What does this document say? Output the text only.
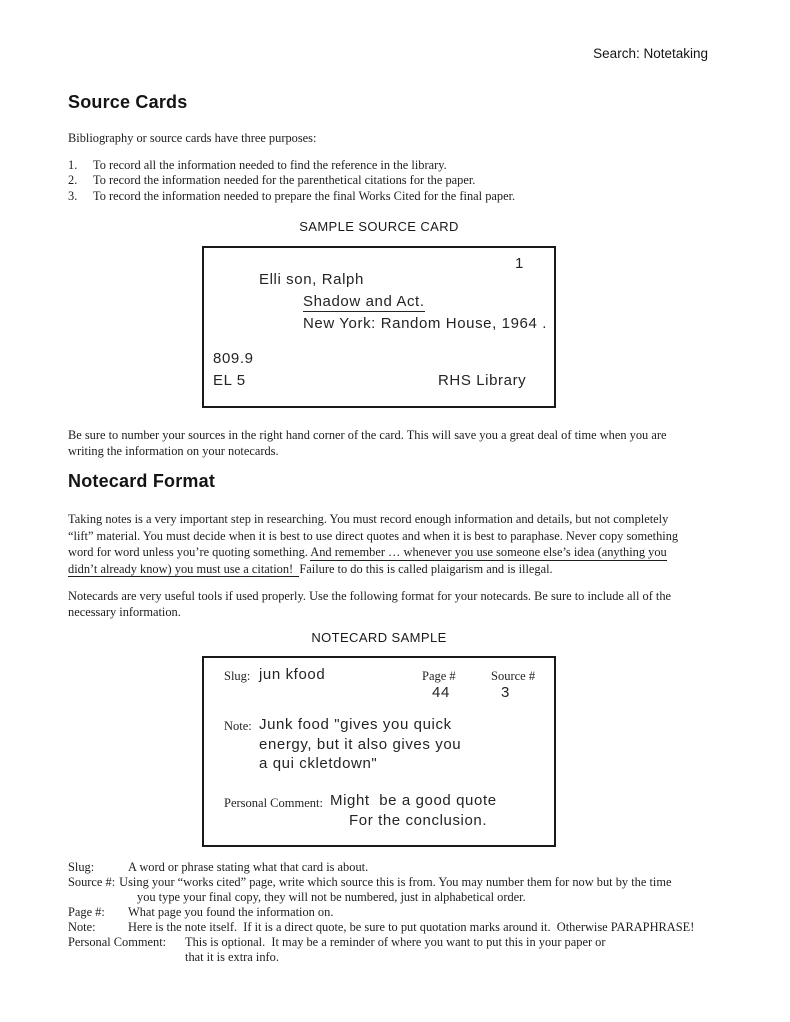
Search: Notetaking
Source Cards
Bibliography or source cards have three purposes:
1.	To record all the information needed to find the reference in the library.
2.	To record the information needed for the parenthetical citations for the paper.
3.	To record the information needed to prepare the final Works Cited for the final paper.
SAMPLE SOURCE CARD
1
Elli son, Ralph
Shadow and Act.
New York: Random House, 1964 .
809.9
EL 5	RHS Library
Be sure to number your sources in the right hand corner of the card. This will save you a great deal of time when you are
writing the information on your notecards.
Notecard Format
Taking notes is a very important step in researching. You must record enough information and details, but not completely
“lift” material. You must decide when it is best to use direct quotes and when it is best to paraphase. Never copy something
word for word unless you’re quoting something. And remember … whenever you use someone else’s idea (anything you
didn’t already know) you must use a citation!  Failure to do this is called plaigarism and is illegal.
Notecards are very useful tools if used properly. Use the following format for your notecards. Be sure to include all of the
necessary information.
NOTECARD SAMPLE
Slug: jun kfood	Page #	Source #
44	3
Note: Junk food "gives you quick
energy, but it also gives you
a qui ckletdown"
Personal Comment: Might  be a good quote
For the conclusion.
Slug:	A word or phrase stating what that card is about.
Source #: Using your “works cited” page, write which source this is from. You may number them for now but by the time
you type your final copy, they will not be numbered, just in alphabetical order.
Page #: What page you found the information on.
Note:	Here is the note itself.  If it is a direct quote, be sure to put quotation marks around it.  Otherwise PARAPHRASE!
Personal Comment: This is optional.  It may be a reminder of where you want to put this in your paper or
that it is extra info.
